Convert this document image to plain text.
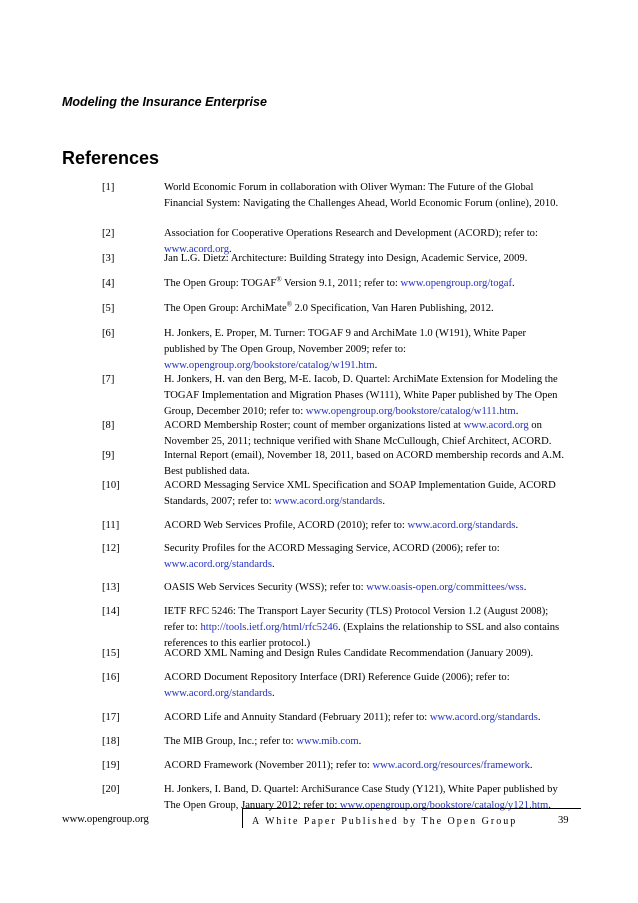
Modeling the Insurance Enterprise
References
[1]	World Economic Forum in collaboration with Oliver Wyman: The Future of the Global Financial System: Navigating the Challenges Ahead, World Economic Forum (online), 2010.
[2]	Association for Cooperative Operations Research and Development (ACORD); refer to: www.acord.org.
[3]	Jan L.G. Dietz: Architecture: Building Strategy into Design, Academic Service, 2009.
[4]	The Open Group: TOGAF® Version 9.1, 2011; refer to: www.opengroup.org/togaf.
[5]	The Open Group: ArchiMate® 2.0 Specification, Van Haren Publishing, 2012.
[6]	H. Jonkers, E. Proper, M. Turner: TOGAF 9 and ArchiMate 1.0 (W191), White Paper published by The Open Group, November 2009; refer to: www.opengroup.org/bookstore/catalog/w191.htm.
[7]	H. Jonkers, H. van den Berg, M-E. Iacob, D. Quartel: ArchiMate Extension for Modeling the TOGAF Implementation and Migration Phases (W111), White Paper published by The Open Group, December 2010; refer to: www.opengroup.org/bookstore/catalog/w111.htm.
[8]	ACORD Membership Roster; count of member organizations listed at www.acord.org on November 25, 2011; technique verified with Shane McCullough, Chief Architect, ACORD.
[9]	Internal Report (email), November 18, 2011, based on ACORD membership records and A.M. Best published data.
[10]	ACORD Messaging Service XML Specification and SOAP Implementation Guide, ACORD Standards, 2007; refer to: www.acord.org/standards.
[11]	ACORD Web Services Profile, ACORD (2010); refer to: www.acord.org/standards.
[12]	Security Profiles for the ACORD Messaging Service, ACORD (2006); refer to: www.acord.org/standards.
[13]	OASIS Web Services Security (WSS); refer to: www.oasis-open.org/committees/wss.
[14]	IETF RFC 5246: The Transport Layer Security (TLS) Protocol Version 1.2 (August 2008); refer to: http://tools.ietf.org/html/rfc5246. (Explains the relationship to SSL and also contains references to this earlier protocol.)
[15]	ACORD XML Naming and Design Rules Candidate Recommendation (January 2009).
[16]	ACORD Document Repository Interface (DRI) Reference Guide (2006); refer to: www.acord.org/standards.
[17]	ACORD Life and Annuity Standard (February 2011); refer to: www.acord.org/standards.
[18]	The MIB Group, Inc.; refer to: www.mib.com.
[19]	ACORD Framework (November 2011); refer to: www.acord.org/resources/framework.
[20]	H. Jonkers, I. Band, D. Quartel: ArchiSurance Case Study (Y121), White Paper published by The Open Group, January 2012; refer to: www.opengroup.org/bookstore/catalog/y121.htm.
www.opengroup.org	A White Paper Published by The Open Group	39
